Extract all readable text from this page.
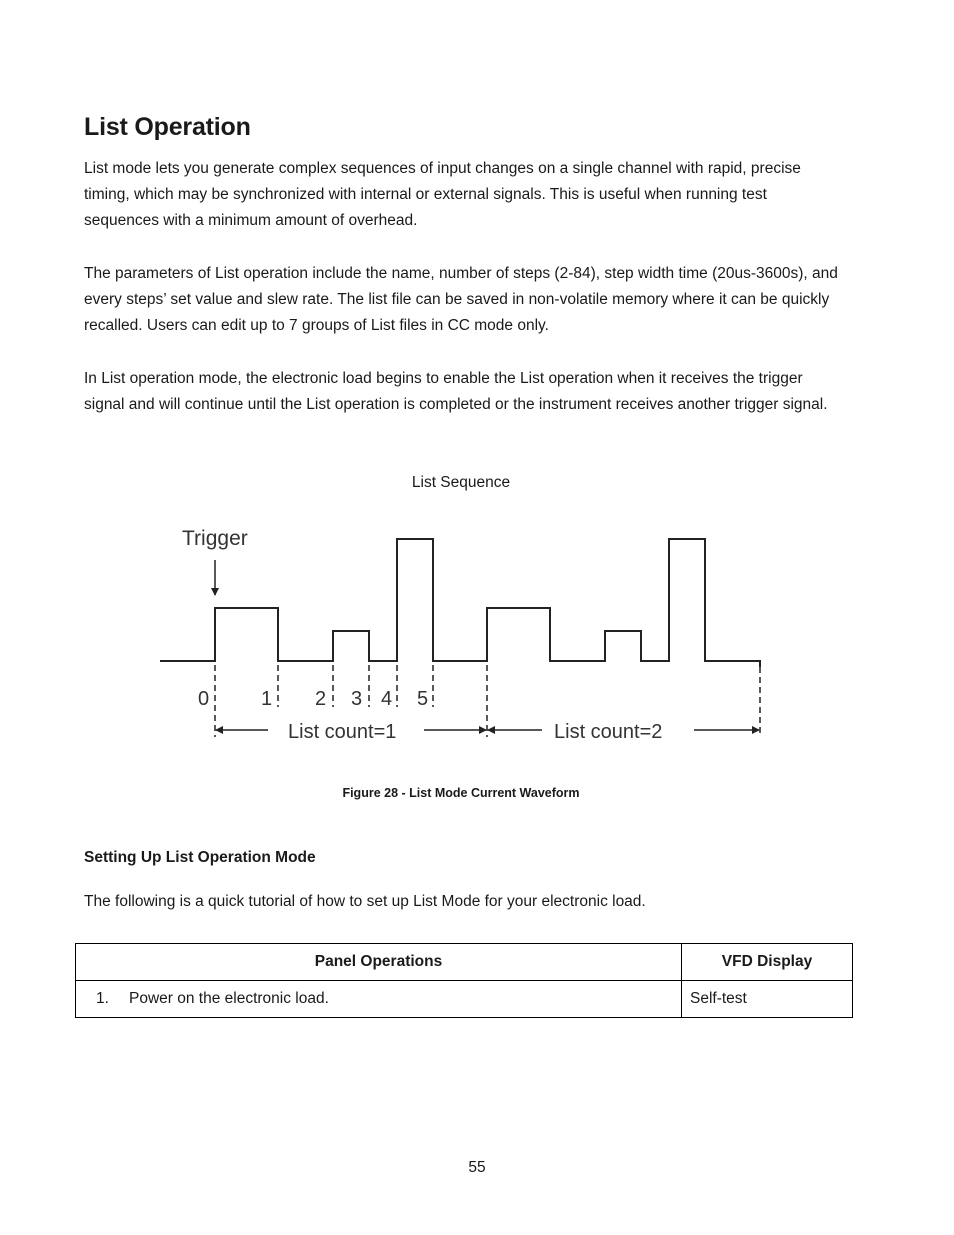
List Operation

List mode lets you generate complex sequences of input changes on a single channel with rapid, precise timing, which may be synchronized with internal or external signals. This is useful when running test sequences with a minimum amount of overhead.

The parameters of List operation include the name, number of steps (2-84), step width time (20us-3600s), and every steps’ set value and slew rate. The list file can be saved in non-volatile memory where it can be quickly recalled. Users can edit up to 7 groups of List files in CC mode only.

In List operation mode, the electronic load begins to enable the List operation when it receives the trigger signal and will continue until the List operation is completed or the instrument receives another trigger signal.

List Sequence
Trigger
0	1 2 3 4 5
List count=1	List count=2
Figure 28 - List Mode Current Waveform
Setting Up List Operation Mode

The following is a quick tutorial of how to set up List Mode for your electronic load.

Panel Operations	VFD Display
1. Power on the electronic load.	Self-test
55
